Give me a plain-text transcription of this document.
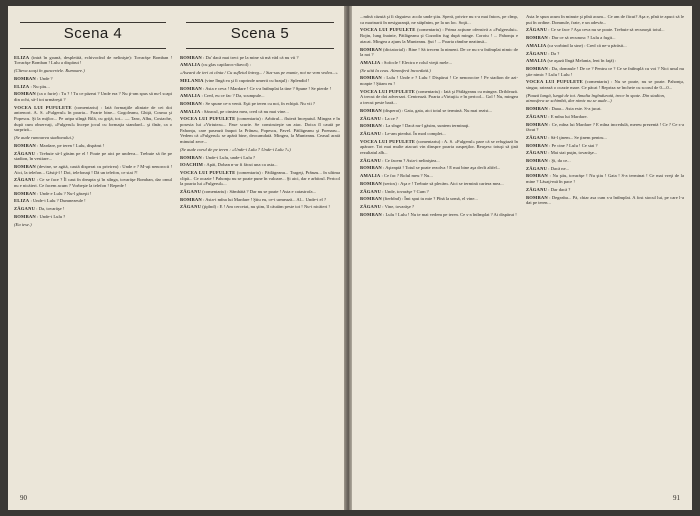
Scena 4

ELIZA (intră în goană, despletită, echivocînd de nelinişte): Tovarăşe Bomban ! Tovarăşe Bomban ! Lulu a dispărut !

(Cîteva scaşi în guncertele. Rumoare.)

BOMBAN : Unde ?

ELIZA : Nu ştiu...

BOMBAN (ca o furie) : Tu ? ! Tu ce păzeai ? Unde era ? Nu ţi-am spus să nu-l scapi din ochi, să-l tot urmăreşti ?

VOCEA LUI PUFULETE (comentariu) : Iată formaţiile aliniate de cei doi antrenori. A. S. «Fulgerul» în poarta... Foarte bine... Gogoleanu, Ghiţă, Cosma şi Popescu. Şi la mijloc... Pe aripa stîngă Bilă, cu grijă, tot... — Tanc, Albu, Costache, după cum observaţi, «Fulgerul» începe jocul cu formaţia standard... şi tînăr, ca o surpriză...

(Se aude rumoarea stadionului.)

BOMBAN : Mardare, pe teren ! Lulu, dispărut !

ZĂGANU : Trebuie să-l găsim pe el ! Poate pe aici pe undeva... Trebuie să fie pe stadion, în vestiare...

BOMBAN (devine, se agită, caută disperat cu privirea) : Unde e ? M-aţi nenorocit ! Aici, la telefon... Găsiţi-l ! Doi, telefonaţi ! Dă un telefon, ce stai ?!

ZĂGANU : Ce se face ? Îl caut în dreapta şi în stînga, tovarăşe Bomban, dar omul nu e nicăieri. Ce facem acum ? Vorbeşte la telefon ! Repede !

BOMBAN : Unde e Lulu ? Nu-l găseşti !

ELIZA : Unde-i Lulu ? Dumnezeule !

ZĂGANU : Da, tovarăşe !

BOMBAN : Unde-i Lulu ?

(Ea iese.)

Scena 5

BOMBAN : Da' dacă mai treci pe la mine să mă văd că nu vii ?

AMALIA (cu glas capilaroc-diavol) :

«Aseară de ieri ai cînta / Cu sufletul întreg... / Sus-sus pe munte, noi ne vom vedea...»

MELANIA (vine lîngă ea şi îi cuprinde umerii cu braţul) : Splendid !

BOMBAN : Asta e ceva ! Mardare ! Ce s-a întîmplat la tine ? Spune ! Se pierde !

AMALIA : Cred, eu ce fac ? Da, scumpule...

BOMBAN : Se spune ce-a venit. Eşti pe teren cu noi, în echipă. Nu vii ?

AMALIA : Săracul, pe cinstea mea, cred că nu mai vine...

VOCEA LUI PUFULETE (comentariu) : Arbitrul... fluieră începutul. Mingea e în posesia lui «Virtutea»... Pase scurte. Se construieşte un atac. Doica îl caută pe Pahonţu, care pasează înapoi la Prânzu, Popescu, Pavel. Pătlăgeanu şi Poenaru... Vedem că «Fulgerul» se apără bine, deocamdată. Mingea, la Munteanu. Ceasul arată minutul zece...

(Se aude corul de pe teren : «Unde-i Lulu ? Unde-i Lulu ?»)

BOMBAN : Unde-i Lulu, unde-i Lulu ?

IOACHIM : Apăi, Doban n-ar fi făcut una ca asta...

VOCEA LUI PUFULETE (comentariu) : Pătlăgeanu... Trageţi, Prânzu... în ultima clipă... Ce ocazie ! Pahonţu nu se poate pune în valoare... Şi aici, dar e arbitrul. Pericol la poarta lui «Fulgerul»...

ZĂGANU (comentariu) : Sâmbătă ? Dar nu se poate ! Asta e catastrofa...

BOMBAN : Asta-i mîna lui Mardare ! Ştiu eu, ce-i urmează... Al... Unde-i el ?

ZĂGANU (ţipînd) : E ! Am cercetat, nu ştim, îl căutăm peste tot ! Nu-i nicăieri !

90

...mînă căzută şi îi sîrguiesc acolo unde ştiu. Speră, privire nu s-a mai întors, pe cîmp, ca marinarii în nesiguranţă, ne stăpînim, pe la un loc. Soţii...

VOCEA LUI PUFULETE (comentariu) : Prima acţiune ofensivă a «Fulgerului». Bojin, lung înainte, Pătlăgeanu şi Cozodin fug după minge. Coroiu ! ... Pahonţu e atacat. Mingea a ajuns la Munteanu. Şut ! ... Poarta rămîne neatinsă...

BOMBAN (dictatorial) : Bine ! Să trecem la nimeni. De ce nu s-a întîmplat nimic de la noi ?

AMALIA : Sofocle ! Electra e rolul vieţii mele...

(Se uită la ceas. Atmosferă încordată.)

BOMBAN : Lulu ! Unde e ? Lulu ! Dispărut ! Ce nenorocire ! Pe stadion de azi-noapte ! Ştiam eu !

VOCEA LUI PUFULETE (comentariu) : Iată şi Pătlăgeanu cu mingea. Driblează. A trecut de doi adversari. Centrează. Poarta «Virtuţii» e în pericol... Gol ! Nu, mingea a trecut peste bară...

BOMBAN (disperat) : Gata, gata, aici totul se termină. Nu mai rezist...

ZĂGANU : La ce ?

BOMBAN : La sînge ! Dacă nu-l găsim, suntem terminaţi.

ZĂGANU : Le-am pierdut. În mod complet...

VOCEA LUI PUFULETE (comentariu) : A. S. «Fulgerul» pare că se refugiază în apărare. Tot mai multe atacuri vin dinspre poarta oaspeţilor. Reuşesc totuşi să ţină rezultatul alb...

ZĂGANU : Ce facem ? Asta-i neliniştea...

BOMBAN : Aşteaptă ! Totul se poate rezolva ! E mai bine aşa decît altfel...

AMALIA : Ce fac ? Rolul meu ? Nu...

BOMBAN (serios) : Aşa e ! Trebuie să plecăm. Aici se termină cariera mea...

ZĂGANU : Unde, tovarăşe ? Cum ?

BOMBAN (fierbînd) : Îmi spui tu mie ? Pînă la urmă, el vine...

ZĂGANU : Vine, tovarăşe ?

BOMBAN : Lulu ! Lulu ! Nu te mai vedem pe teren. Ce s-a întîmplat ? Ai dispărut !

Asta le spun acum în minute şi pînă acum... Ce am de făcut? Aşa e, pînă te apuci să le pui în ordine. Domnule, frate, e un adevăr...

ZĂGANU : Ce se face ? Aşa ceva nu se poate. Trebuie să recunoşti totul...

BOMBAN : Dar ce să recunosc ? Lulu a fugit...

AMALIA (ca vorbind la sine) : Cred că ne-a părăsit...

ZĂGANU : Da ?

AMALIA (se aşază lîngă Melania, lent în faţă) :

BOMBAN : Da, domnule ! De ce ? Pentru ce ? Ce se întîmplă cu voi ? Nici unul nu ştie nimic ? Lulu ! Lulu !

VOCEA LUI PUFULETE (comentariu) : Nu se poate, nu se poate. Pahonţu, singur, ratează o ocazie mare. Ce păcat ! Repriza se încheie cu scorul de 0—0...

(Pauză lungă, lungă de tot. Amalia îngîndurată, trece în spate. Din stadion, atmosfera se schimbă, dar nimic nu se aude...)

BOMBAN : Daaa... Asta este. S-a jucat.

ZĂGANU : E mîna lui Mardare.

BOMBAN : Ce, mîna lui Mardare ? E mîna incredulă, mereu prezentă ! Ce ? Ce s-a făcut ?

ZĂGANU : Să-l ţinem... Se ţinem pentru...

BOMBAN : Pe cine ? Lulu ! Ce stai ?

ZĂGANU : Mai stai puţin, tovarăşe...

BOMBAN : Şi, da ce...

ZĂGANU : Dacă ne...

BOMBAN : Nu ştiu, tovarăşe ! Nu ştiu ! Gata ! S-a terminat ! Ce mai vreţi de la mine ? Lăsaţi-mă în pace !

ZĂGANU : Dar dacă ?

BOMBAN : Degeaba... Pă, chiar asa cum s-a întîmplat. A fost stocul lui, pe care l-a dat pe teren...

91
